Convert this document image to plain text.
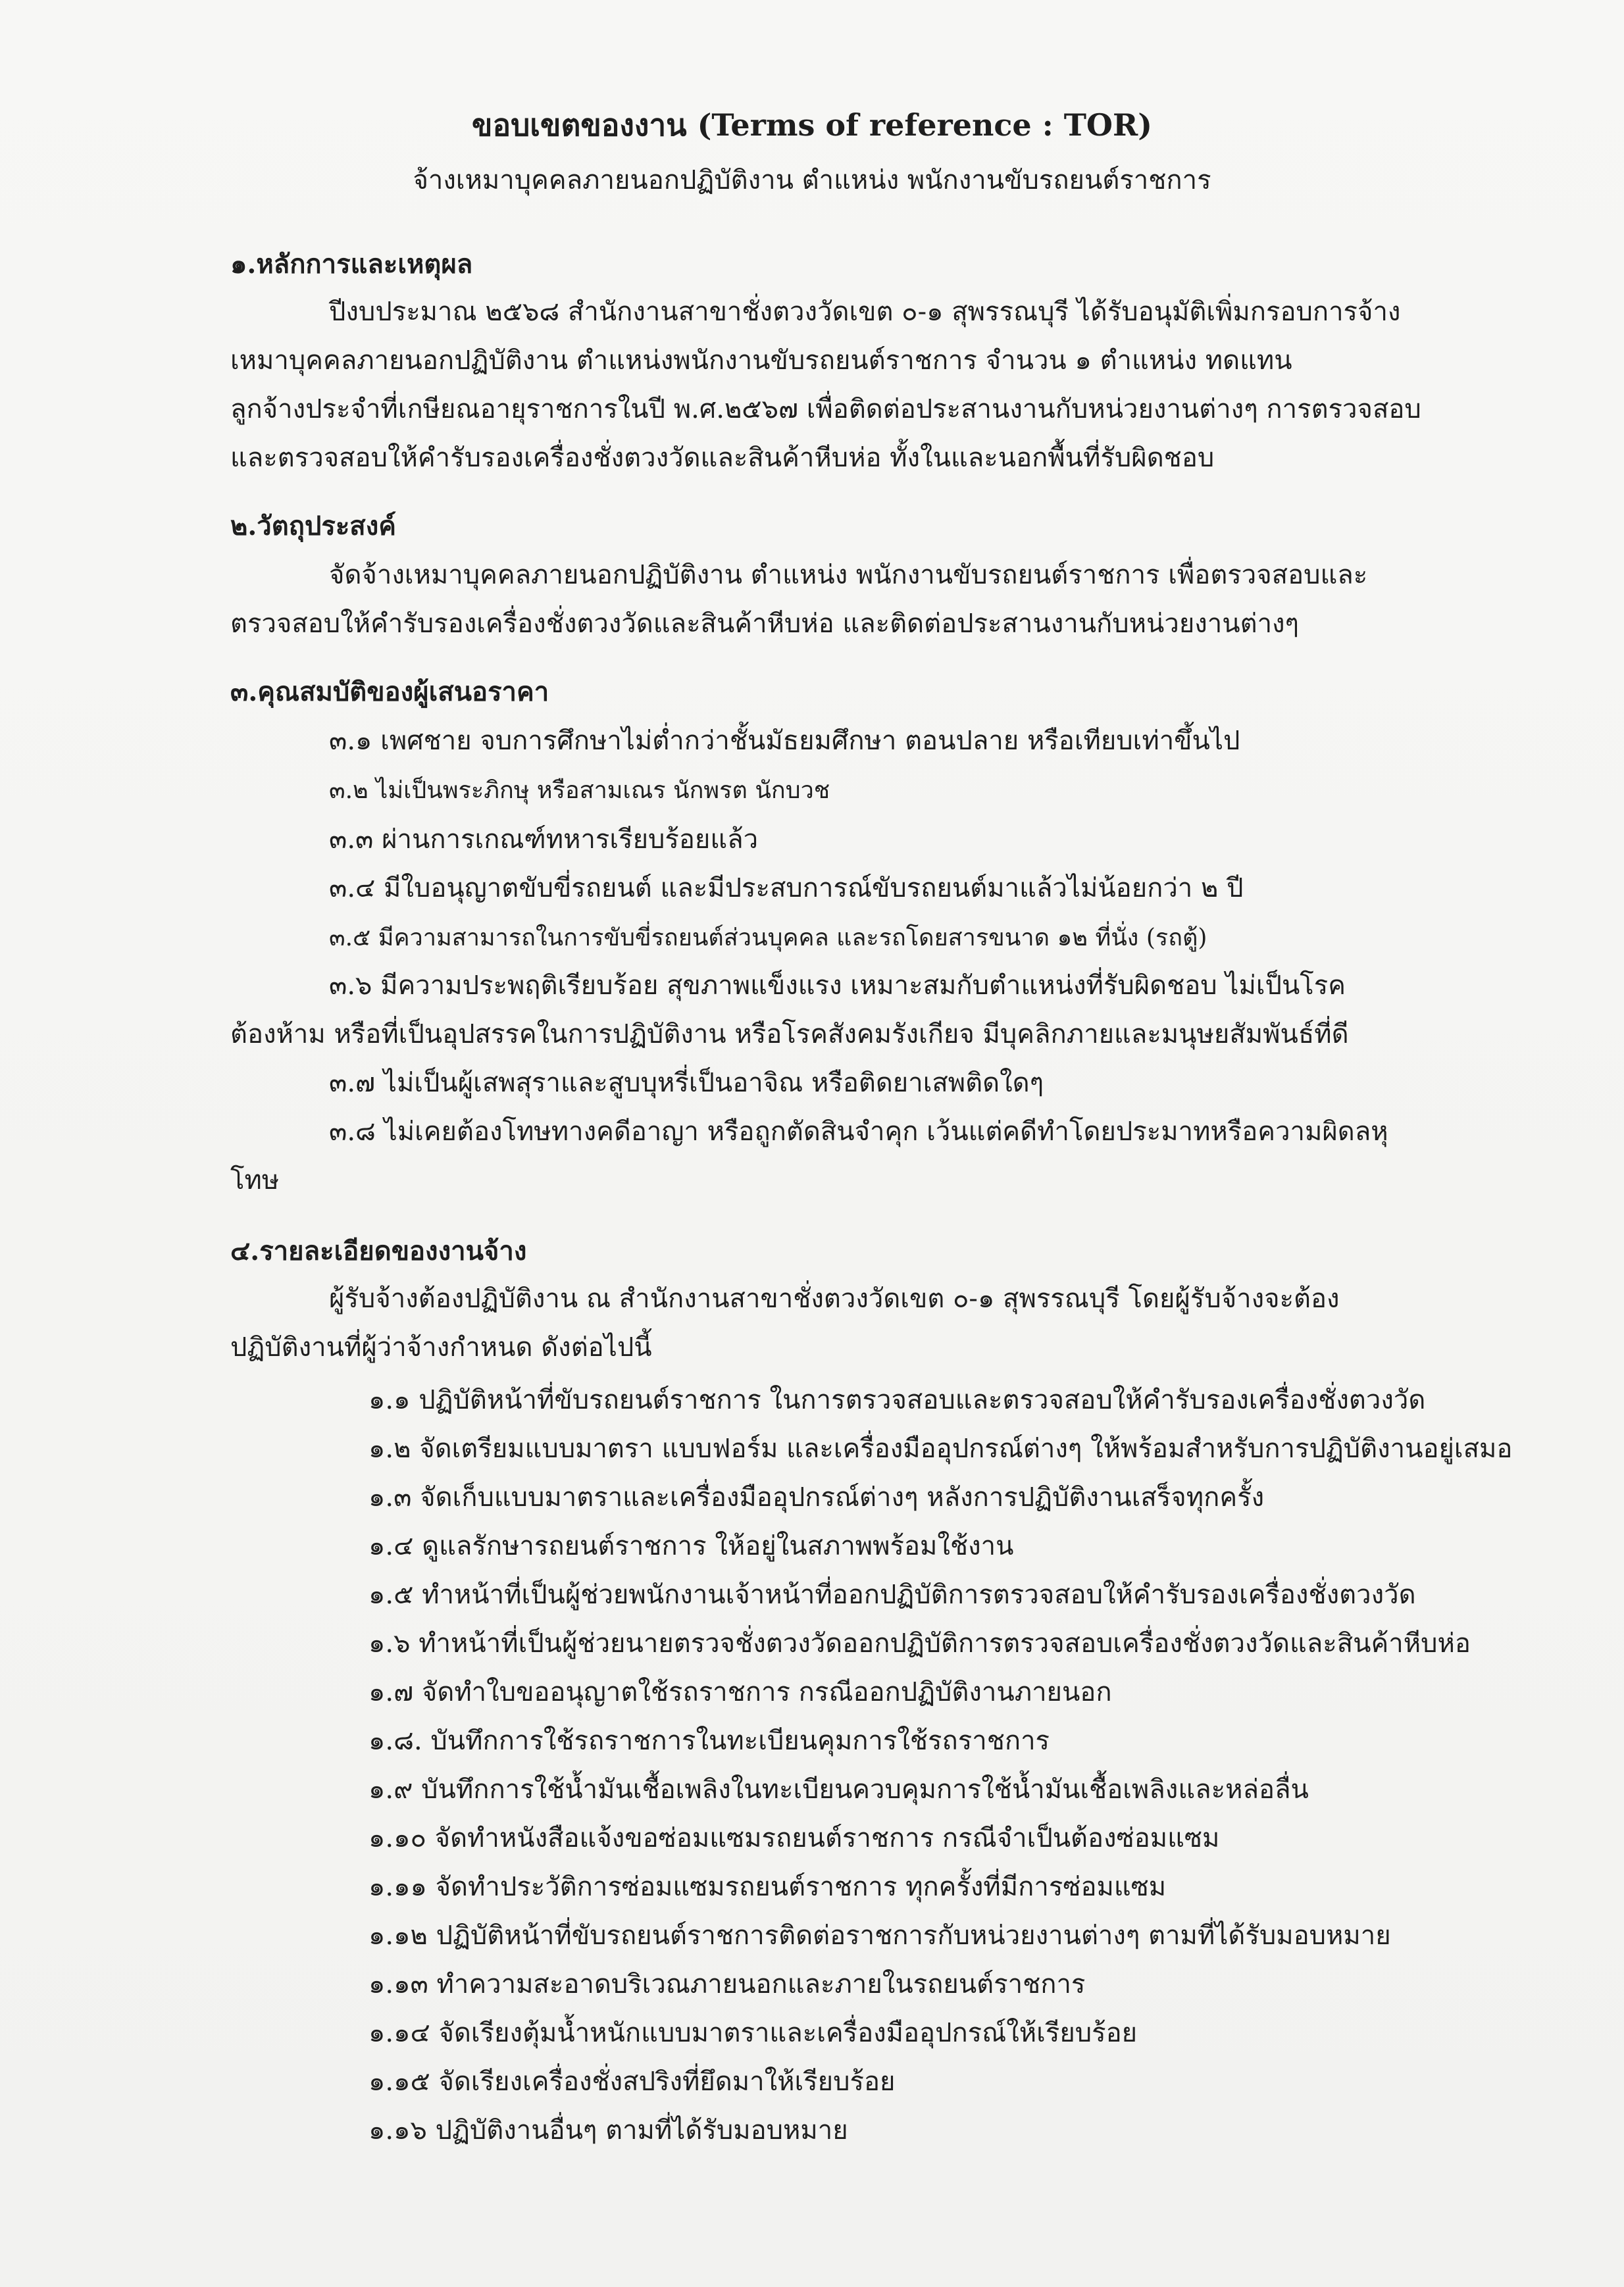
ขอบเขตของงาน (Terms of reference : TOR)
จ้างเหมาบุคคลภายนอกปฏิบัติงาน ตำแหน่ง พนักงานขับรถยนต์ราชการ
๑.หลักการและเหตุผล
ปีงบประมาณ ๒๕๖๘ สำนักงานสาขาชั่งตวงวัดเขต ๐-๑ สุพรรณบุรี ได้รับอนุมัติเพิ่มกรอบการจ้าง
เหมาบุคคลภายนอกปฏิบัติงาน ตำแหน่งพนักงานขับรถยนต์ราชการ จำนวน ๑ ตำแหน่ง ทดแทน
ลูกจ้างประจำที่เกษียณอายุราชการในปี พ.ศ.๒๕๖๗ เพื่อติดต่อประสานงานกับหน่วยงานต่างๆ การตรวจสอบ
และตรวจสอบให้คำรับรองเครื่องชั่งตวงวัดและสินค้าหีบห่อ ทั้งในและนอกพื้นที่รับผิดชอบ
๒.วัตถุประสงค์
จัดจ้างเหมาบุคคลภายนอกปฏิบัติงาน ตำแหน่ง พนักงานขับรถยนต์ราชการ เพื่อตรวจสอบและ
ตรวจสอบให้คำรับรองเครื่องชั่งตวงวัดและสินค้าหีบห่อ และติดต่อประสานงานกับหน่วยงานต่างๆ
๓.คุณสมบัติของผู้เสนอราคา
๓.๑ เพศชาย จบการศึกษาไม่ต่ำกว่าชั้นมัธยมศึกษา ตอนปลาย หรือเทียบเท่าขึ้นไป
๓.๒ ไม่เป็นพระภิกษุ หรือสามเณร นักพรต นักบวช
๓.๓ ผ่านการเกณฑ์ทหารเรียบร้อยแล้ว
๓.๔ มีใบอนุญาตขับขี่รถยนต์ และมีประสบการณ์ขับรถยนต์มาแล้วไม่น้อยกว่า ๒ ปี
๓.๕ มีความสามารถในการขับขี่รถยนต์ส่วนบุคคล และรถโดยสารขนาด ๑๒ ที่นั่ง (รถตู้)
๓.๖ มีความประพฤติเรียบร้อย สุขภาพแข็งแรง เหมาะสมกับตำแหน่งที่รับผิดชอบ ไม่เป็นโรค
ต้องห้าม หรือที่เป็นอุปสรรคในการปฏิบัติงาน หรือโรคสังคมรังเกียจ มีบุคลิกภายและมนุษยสัมพันธ์ที่ดี
๓.๗ ไม่เป็นผู้เสพสุราและสูบบุหรี่เป็นอาจิณ หรือติดยาเสพติดใดๆ
๓.๘ ไม่เคยต้องโทษทางคดีอาญา หรือถูกตัดสินจำคุก เว้นแต่คดีทำโดยประมาทหรือความผิดลหุ
โทษ
๔.รายละเอียดของงานจ้าง
ผู้รับจ้างต้องปฏิบัติงาน ณ สำนักงานสาขาชั่งตวงวัดเขต ๐-๑ สุพรรณบุรี โดยผู้รับจ้างจะต้อง
ปฏิบัติงานที่ผู้ว่าจ้างกำหนด ดังต่อไปนี้
๑.๑ ปฏิบัติหน้าที่ขับรถยนต์ราชการ ในการตรวจสอบและตรวจสอบให้คำรับรองเครื่องชั่งตวงวัด
๑.๒ จัดเตรียมแบบมาตรา แบบฟอร์ม และเครื่องมืออุปกรณ์ต่างๆ ให้พร้อมสำหรับการปฏิบัติงานอยู่เสมอ
๑.๓ จัดเก็บแบบมาตราและเครื่องมืออุปกรณ์ต่างๆ หลังการปฏิบัติงานเสร็จทุกครั้ง
๑.๔ ดูแลรักษารถยนต์ราชการ ให้อยู่ในสภาพพร้อมใช้งาน
๑.๕ ทำหน้าที่เป็นผู้ช่วยพนักงานเจ้าหน้าที่ออกปฏิบัติการตรวจสอบให้คำรับรองเครื่องชั่งตวงวัด
๑.๖ ทำหน้าที่เป็นผู้ช่วยนายตรวจชั่งตวงวัดออกปฏิบัติการตรวจสอบเครื่องชั่งตวงวัดและสินค้าหีบห่อ
๑.๗ จัดทำใบขออนุญาตใช้รถราชการ กรณีออกปฏิบัติงานภายนอก
๑.๘. บันทึกการใช้รถราชการในทะเบียนคุมการใช้รถราชการ
๑.๙ บันทึกการใช้น้ำมันเชื้อเพลิงในทะเบียนควบคุมการใช้น้ำมันเชื้อเพลิงและหล่อลื่น
๑.๑๐ จัดทำหนังสือแจ้งขอซ่อมแซมรถยนต์ราชการ กรณีจำเป็นต้องซ่อมแซม
๑.๑๑ จัดทำประวัติการซ่อมแซมรถยนต์ราชการ ทุกครั้งที่มีการซ่อมแซม
๑.๑๒ ปฏิบัติหน้าที่ขับรถยนต์ราชการติดต่อราชการกับหน่วยงานต่างๆ ตามที่ได้รับมอบหมาย
๑.๑๓ ทำความสะอาดบริเวณภายนอกและภายในรถยนต์ราชการ
๑.๑๔ จัดเรียงตุ้มน้ำหนักแบบมาตราและเครื่องมืออุปกรณ์ให้เรียบร้อย
๑.๑๕ จัดเรียงเครื่องชั่งสปริงที่ยึดมาให้เรียบร้อย
๑.๑๖ ปฏิบัติงานอื่นๆ ตามที่ได้รับมอบหมาย
